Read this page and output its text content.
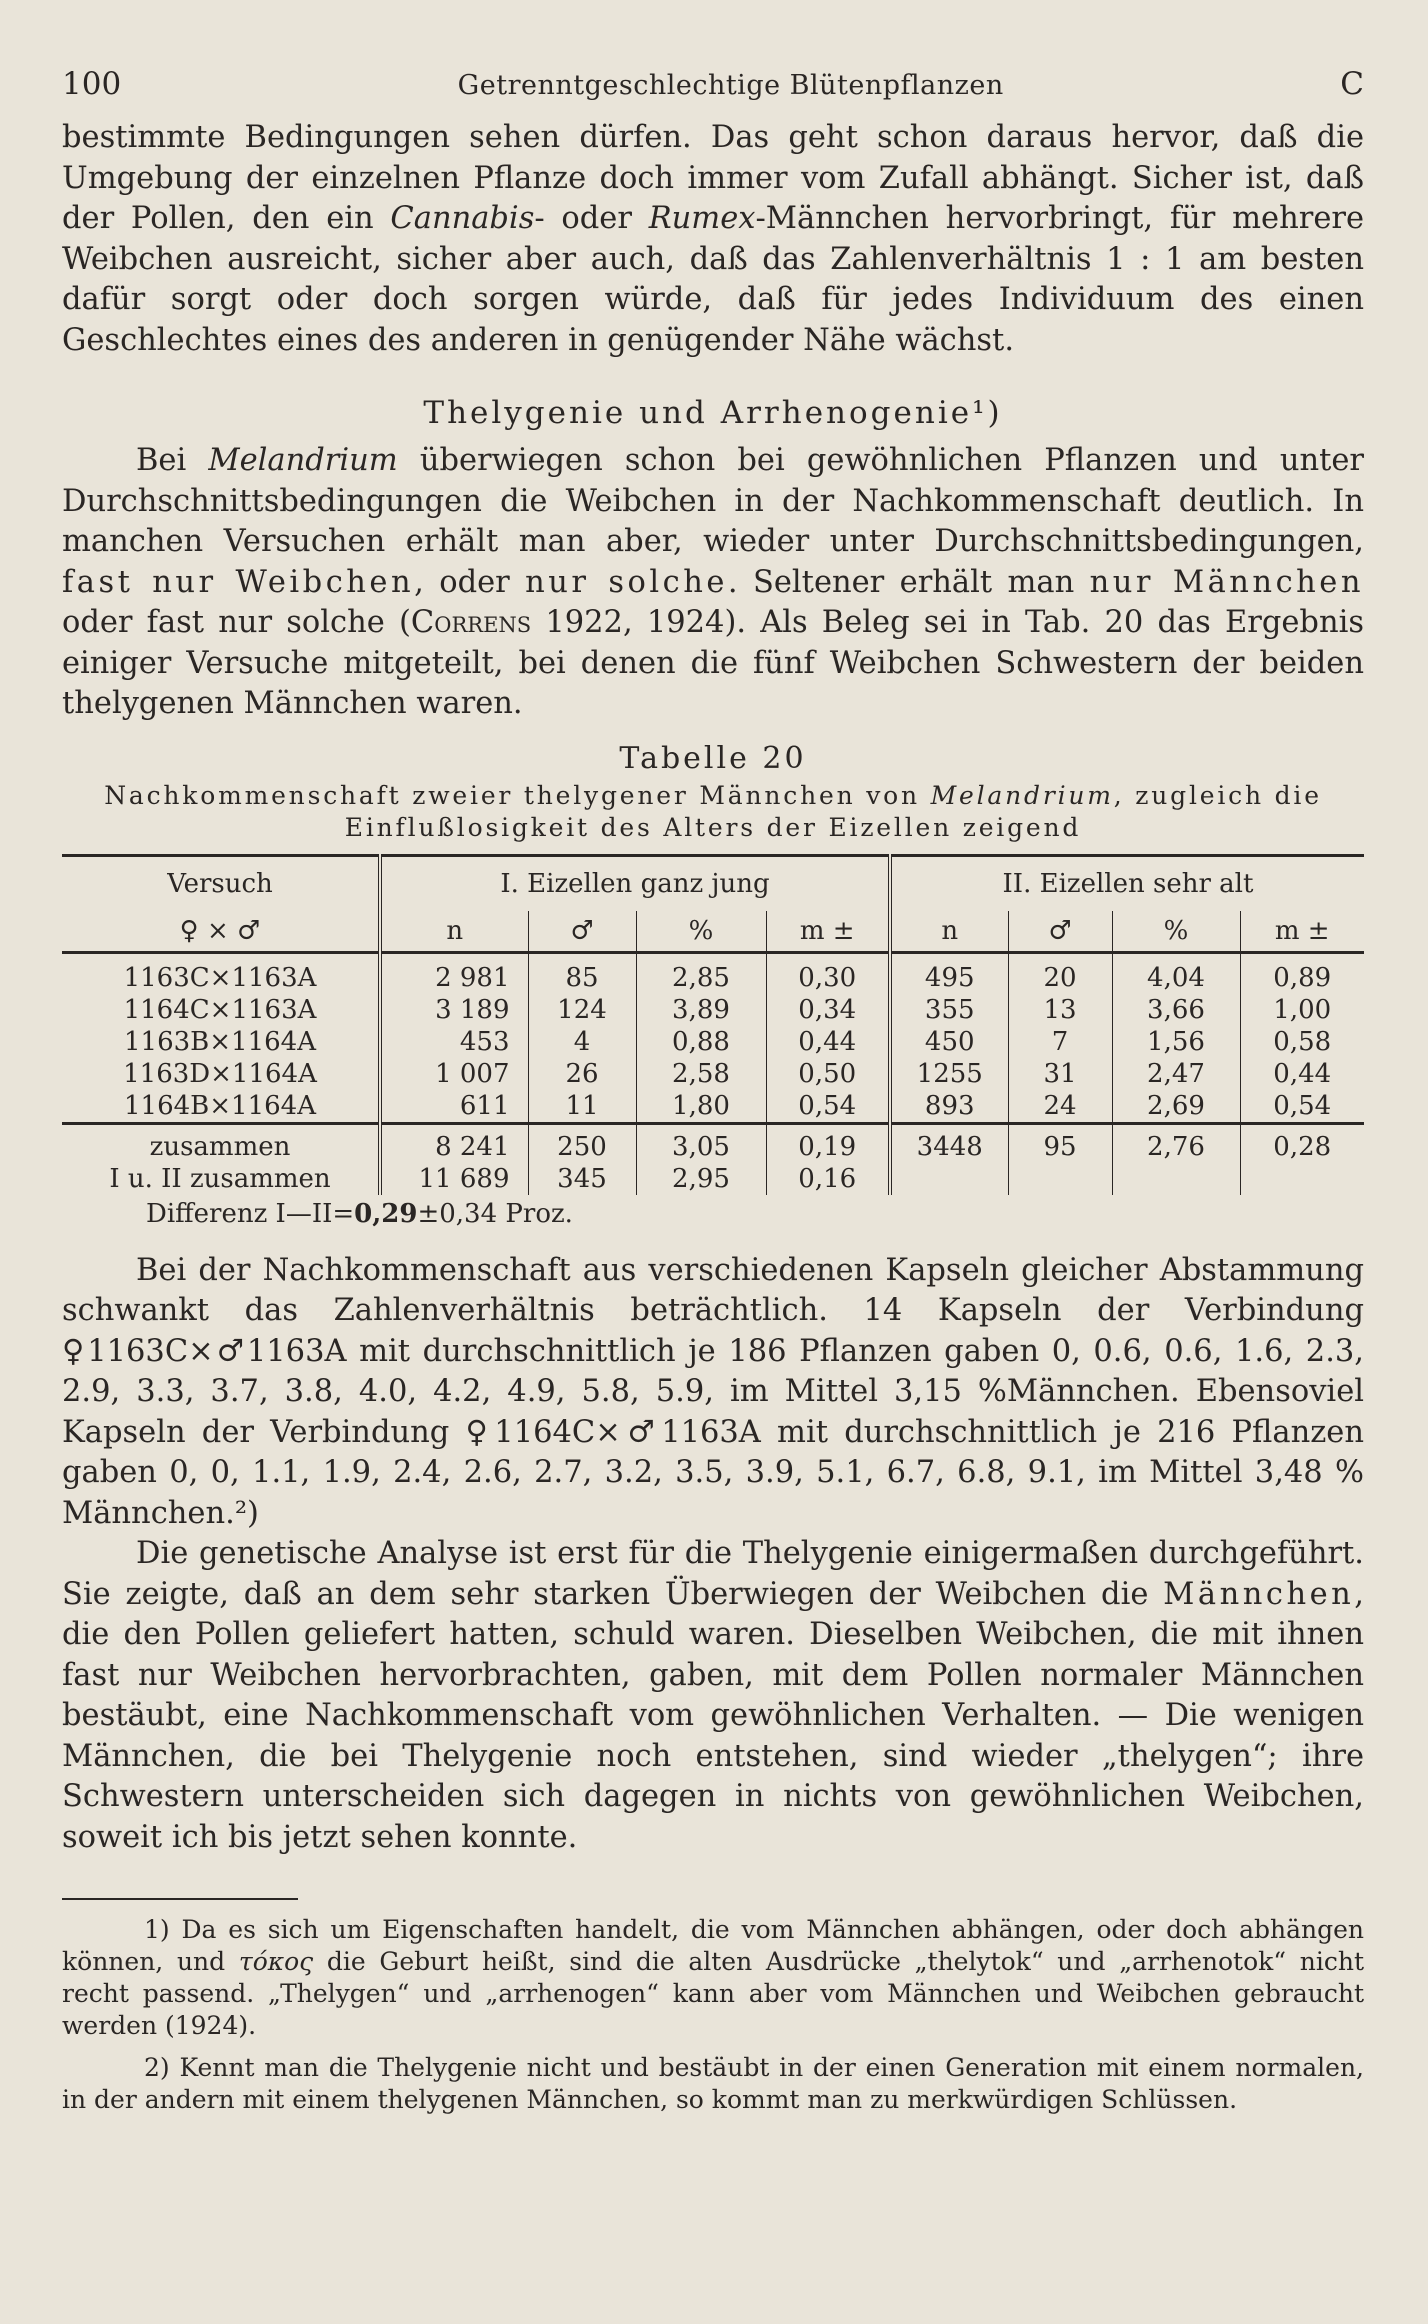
100	Getrenntgeschlechtige Blütenpflanzen	C

bestimmte Bedingungen sehen dürfen. Das geht schon daraus hervor, daß die Umgebung der einzelnen Pflanze doch immer vom Zufall abhängt. Sicher ist, daß der Pollen, den ein Cannabis- oder Rumex-Männchen hervorbringt, für mehrere Weibchen ausreicht, sicher aber auch, daß das Zahlenverhältnis 1 : 1 am besten dafür sorgt oder doch sorgen würde, daß für jedes Individuum des einen Geschlechtes eines des anderen in genügender Nähe wächst.

Thelygenie und Arrhenogenie¹)

Bei Melandrium überwiegen schon bei gewöhnlichen Pflanzen und unter Durchschnittsbedingungen die Weibchen in der Nachkommenschaft deutlich. In manchen Versuchen erhält man aber, wieder unter Durchschnittsbedingungen, fast nur Weibchen, oder nur solche. Seltener erhält man nur Männchen oder fast nur solche (Correns 1922, 1924). Als Beleg sei in Tab. 20 das Ergebnis einiger Versuche mitgeteilt, bei denen die fünf Weibchen Schwestern der beiden thelygenen Männchen waren.

Tabelle 20
Nachkommenschaft zweier thelygener Männchen von Melandrium, zugleich die Einflußlosigkeit des Alters der Eizellen zeigend
Versuch	I. Eizellen ganz jung				II. Eizellen sehr alt			
♀ × ♂	n	♂	%	m ±	n	♂	%	m ±
1163C×1163A	2 981	85	2,85	0,30	495	20	4,04	0,89
1164C×1163A	3 189	124	3,89	0,34	355	13	3,66	1,00
1163B×1164A	453	4	0,88	0,44	450	7	1,56	0,58
1163D×1164A	1 007	26	2,58	0,50	1255	31	2,47	0,44
1164B×1164A	611	11	1,80	0,54	893	24	2,69	0,54
zusammen	8 241	250	3,05	0,19	3448	95	2,76	0,28
I u. II zusammen	11 689	345	2,95	0,16				
Differenz I—II=0,29±0,34 Proz.

Bei der Nachkommenschaft aus verschiedenen Kapseln gleicher Abstammung schwankt das Zahlenverhältnis beträchtlich. 14 Kapseln der Verbindung ♀1163C×♂1163A mit durchschnittlich je 186 Pflanzen gaben 0, 0.6, 0.6, 1.6, 2.3, 2.9, 3.3, 3.7, 3.8, 4.0, 4.2, 4.9, 5.8, 5.9, im Mittel 3,15 %Männchen. Ebensoviel Kapseln der Verbindung ♀1164C×♂1163A mit durchschnittlich je 216 Pflanzen gaben 0, 0, 1.1, 1.9, 2.4, 2.6, 2.7, 3.2, 3.5, 3.9, 5.1, 6.7, 6.8, 9.1, im Mittel 3,48 % Männchen.²)

Die genetische Analyse ist erst für die Thelygenie einigermaßen durchgeführt. Sie zeigte, daß an dem sehr starken Überwiegen der Weibchen die Männchen, die den Pollen geliefert hatten, schuld waren. Dieselben Weibchen, die mit ihnen fast nur Weibchen hervorbrachten, gaben, mit dem Pollen normaler Männchen bestäubt, eine Nachkommenschaft vom gewöhnlichen Verhalten. — Die wenigen Männchen, die bei Thelygenie noch entstehen, sind wieder „thelygen“; ihre Schwestern unterscheiden sich dagegen in nichts von gewöhnlichen Weibchen, soweit ich bis jetzt sehen konnte.

1) Da es sich um Eigenschaften handelt, die vom Männchen abhängen, oder doch abhängen können, und τόκος die Geburt heißt, sind die alten Ausdrücke „thelytok“ und „arrhenotok“ nicht recht passend. „Thelygen“ und „arrhenogen“ kann aber vom Männchen und Weibchen gebraucht werden (1924).
2) Kennt man die Thelygenie nicht und bestäubt in der einen Generation mit einem normalen, in der andern mit einem thelygenen Männchen, so kommt man zu merkwürdigen Schlüssen.
